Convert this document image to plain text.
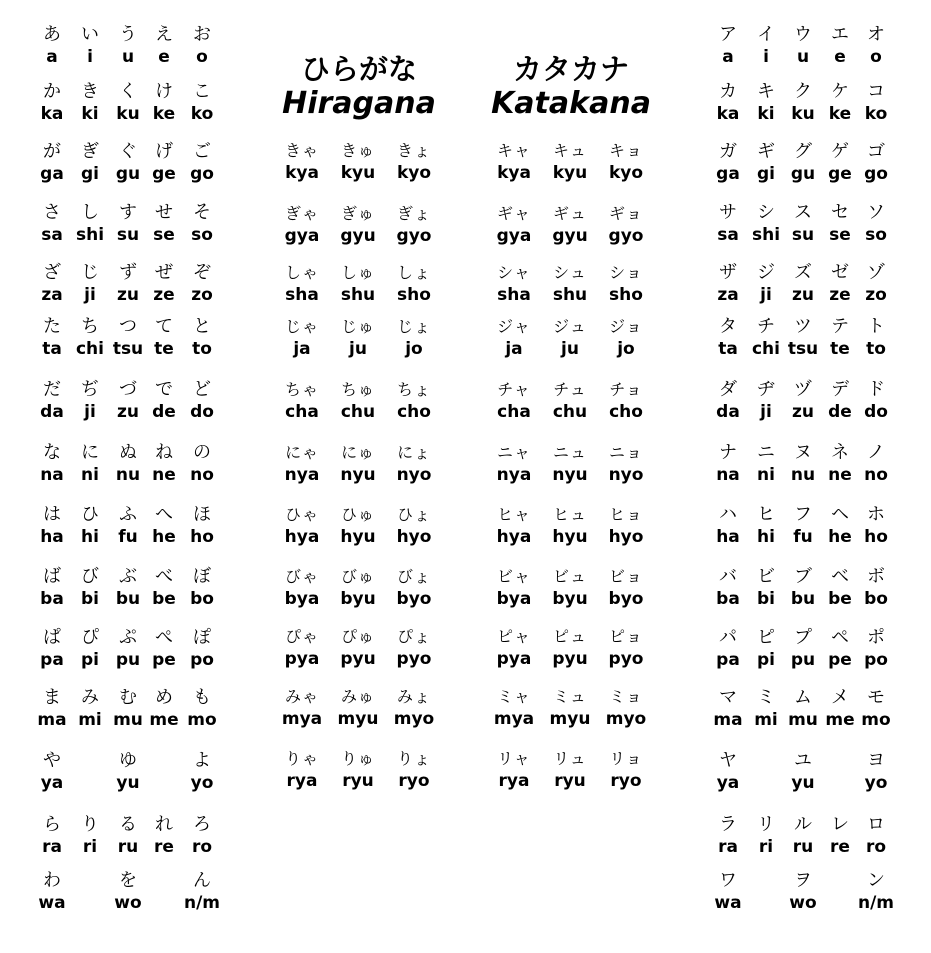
ひらがな
Hiragana
カタカナ
Katakana
あ
a
い
i
う
u
え
e
お
o
か
ka
き
ki
く
ku
け
ke
こ
ko
が
ga
ぎ
gi
ぐ
gu
げ
ge
ご
go
さ
sa
し
shi
す
su
せ
se
そ
so
ざ
za
じ
ji
ず
zu
ぜ
ze
ぞ
zo
た
ta
ち
chi
つ
tsu
て
te
と
to
だ
da
ぢ
ji
づ
zu
で
de
ど
do
な
na
に
ni
ぬ
nu
ね
ne
の
no
は
ha
ひ
hi
ふ
fu
へ
he
ほ
ho
ば
ba
び
bi
ぶ
bu
べ
be
ぼ
bo
ぱ
pa
ぴ
pi
ぷ
pu
ぺ
pe
ぽ
po
ま
ma
み
mi
む
mu
め
me
も
mo
や
ya
ゆ
yu
よ
yo
ら
ra
り
ri
る
ru
れ
re
ろ
ro
わ
wa
を
wo
ん
n/m
ア
a
イ
i
ウ
u
エ
e
オ
o
カ
ka
キ
ki
ク
ku
ケ
ke
コ
ko
ガ
ga
ギ
gi
グ
gu
ゲ
ge
ゴ
go
サ
sa
シ
shi
ス
su
セ
se
ソ
so
ザ
za
ジ
ji
ズ
zu
ゼ
ze
ゾ
zo
タ
ta
チ
chi
ツ
tsu
テ
te
ト
to
ダ
da
ヂ
ji
ヅ
zu
デ
de
ド
do
ナ
na
ニ
ni
ヌ
nu
ネ
ne
ノ
no
ハ
ha
ヒ
hi
フ
fu
ヘ
he
ホ
ho
バ
ba
ビ
bi
ブ
bu
ベ
be
ボ
bo
パ
pa
ピ
pi
プ
pu
ペ
pe
ポ
po
マ
ma
ミ
mi
ム
mu
メ
me
モ
mo
ヤ
ya
ユ
yu
ヨ
yo
ラ
ra
リ
ri
ル
ru
レ
re
ロ
ro
ワ
wa
ヲ
wo
ン
n/m
きゃ
kya
きゅ
kyu
きょ
kyo
ぎゃ
gya
ぎゅ
gyu
ぎょ
gyo
しゃ
sha
しゅ
shu
しょ
sho
じゃ
ja
じゅ
ju
じょ
jo
ちゃ
cha
ちゅ
chu
ちょ
cho
にゃ
nya
にゅ
nyu
にょ
nyo
ひゃ
hya
ひゅ
hyu
ひょ
hyo
びゃ
bya
びゅ
byu
びょ
byo
ぴゃ
pya
ぴゅ
pyu
ぴょ
pyo
みゃ
mya
みゅ
myu
みょ
myo
りゃ
rya
りゅ
ryu
りょ
ryo
キャ
kya
キュ
kyu
キョ
kyo
ギャ
gya
ギュ
gyu
ギョ
gyo
シャ
sha
シュ
shu
ショ
sho
ジャ
ja
ジュ
ju
ジョ
jo
チャ
cha
チュ
chu
チョ
cho
ニャ
nya
ニュ
nyu
ニョ
nyo
ヒャ
hya
ヒュ
hyu
ヒョ
hyo
ビャ
bya
ビュ
byu
ビョ
byo
ピャ
pya
ピュ
pyu
ピョ
pyo
ミャ
mya
ミュ
myu
ミョ
myo
リャ
rya
リュ
ryu
リョ
ryo
